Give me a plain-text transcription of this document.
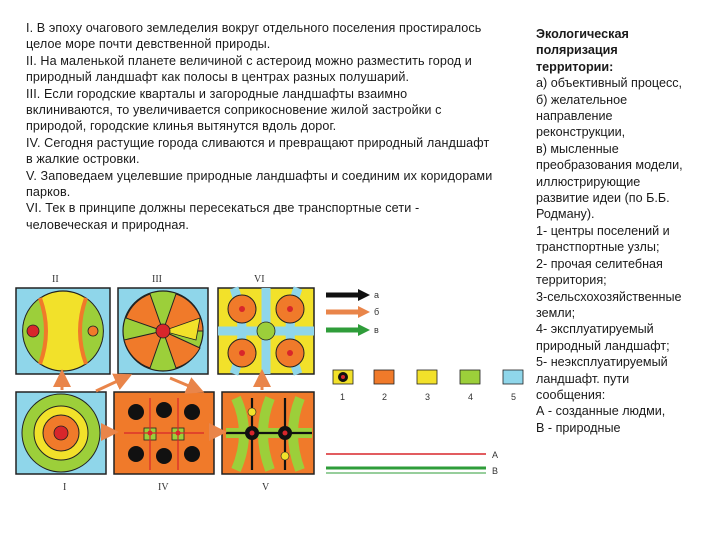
I. В эпоху очагового земледелия вокруг отдельного поселения простиралось целое море почти девственной природы.

II. На маленькой планете величиной с астероид можно разместить город и природный ландшафт как полосы в центрах разных полушарий.

III. Если городские кварталы и загородные ландшафты взаимно вклиниваются, то увеличивается соприкосновение жилой застройки с природой, городские клинья вытянутся вдоль дорог.

IV. Сегодня растущие города сливаются и превращают природный ландшафт в жалкие островки.

V. Заповедаем уцелевшие природные ландшафты и соединим их коридорами парков.

VI. Тек в принципе должны пересекаться две транспортные сети - человеческая и природная.

Экологическая
поляризация
территории:
а) объективный процесс,
б) желательное
направление
реконструкции,
в) мысленные
преобразования модели,
иллюстрирующие
развитие идеи (по Б.Б.
Родману).
1- центры поселений и
транстпортные узлы;
2- прочая селитебная
территория;
3-сельсхохозяйственные
земли;
4- эксплуатируемый
природный ландшафт;
5- неэксплуатируемый
ландшафт. пути
сообщения:
А - созданные людми,
В - природные
II	III	VI
I	IV	V
а
б
в
1	2	3	4	5
А
В
